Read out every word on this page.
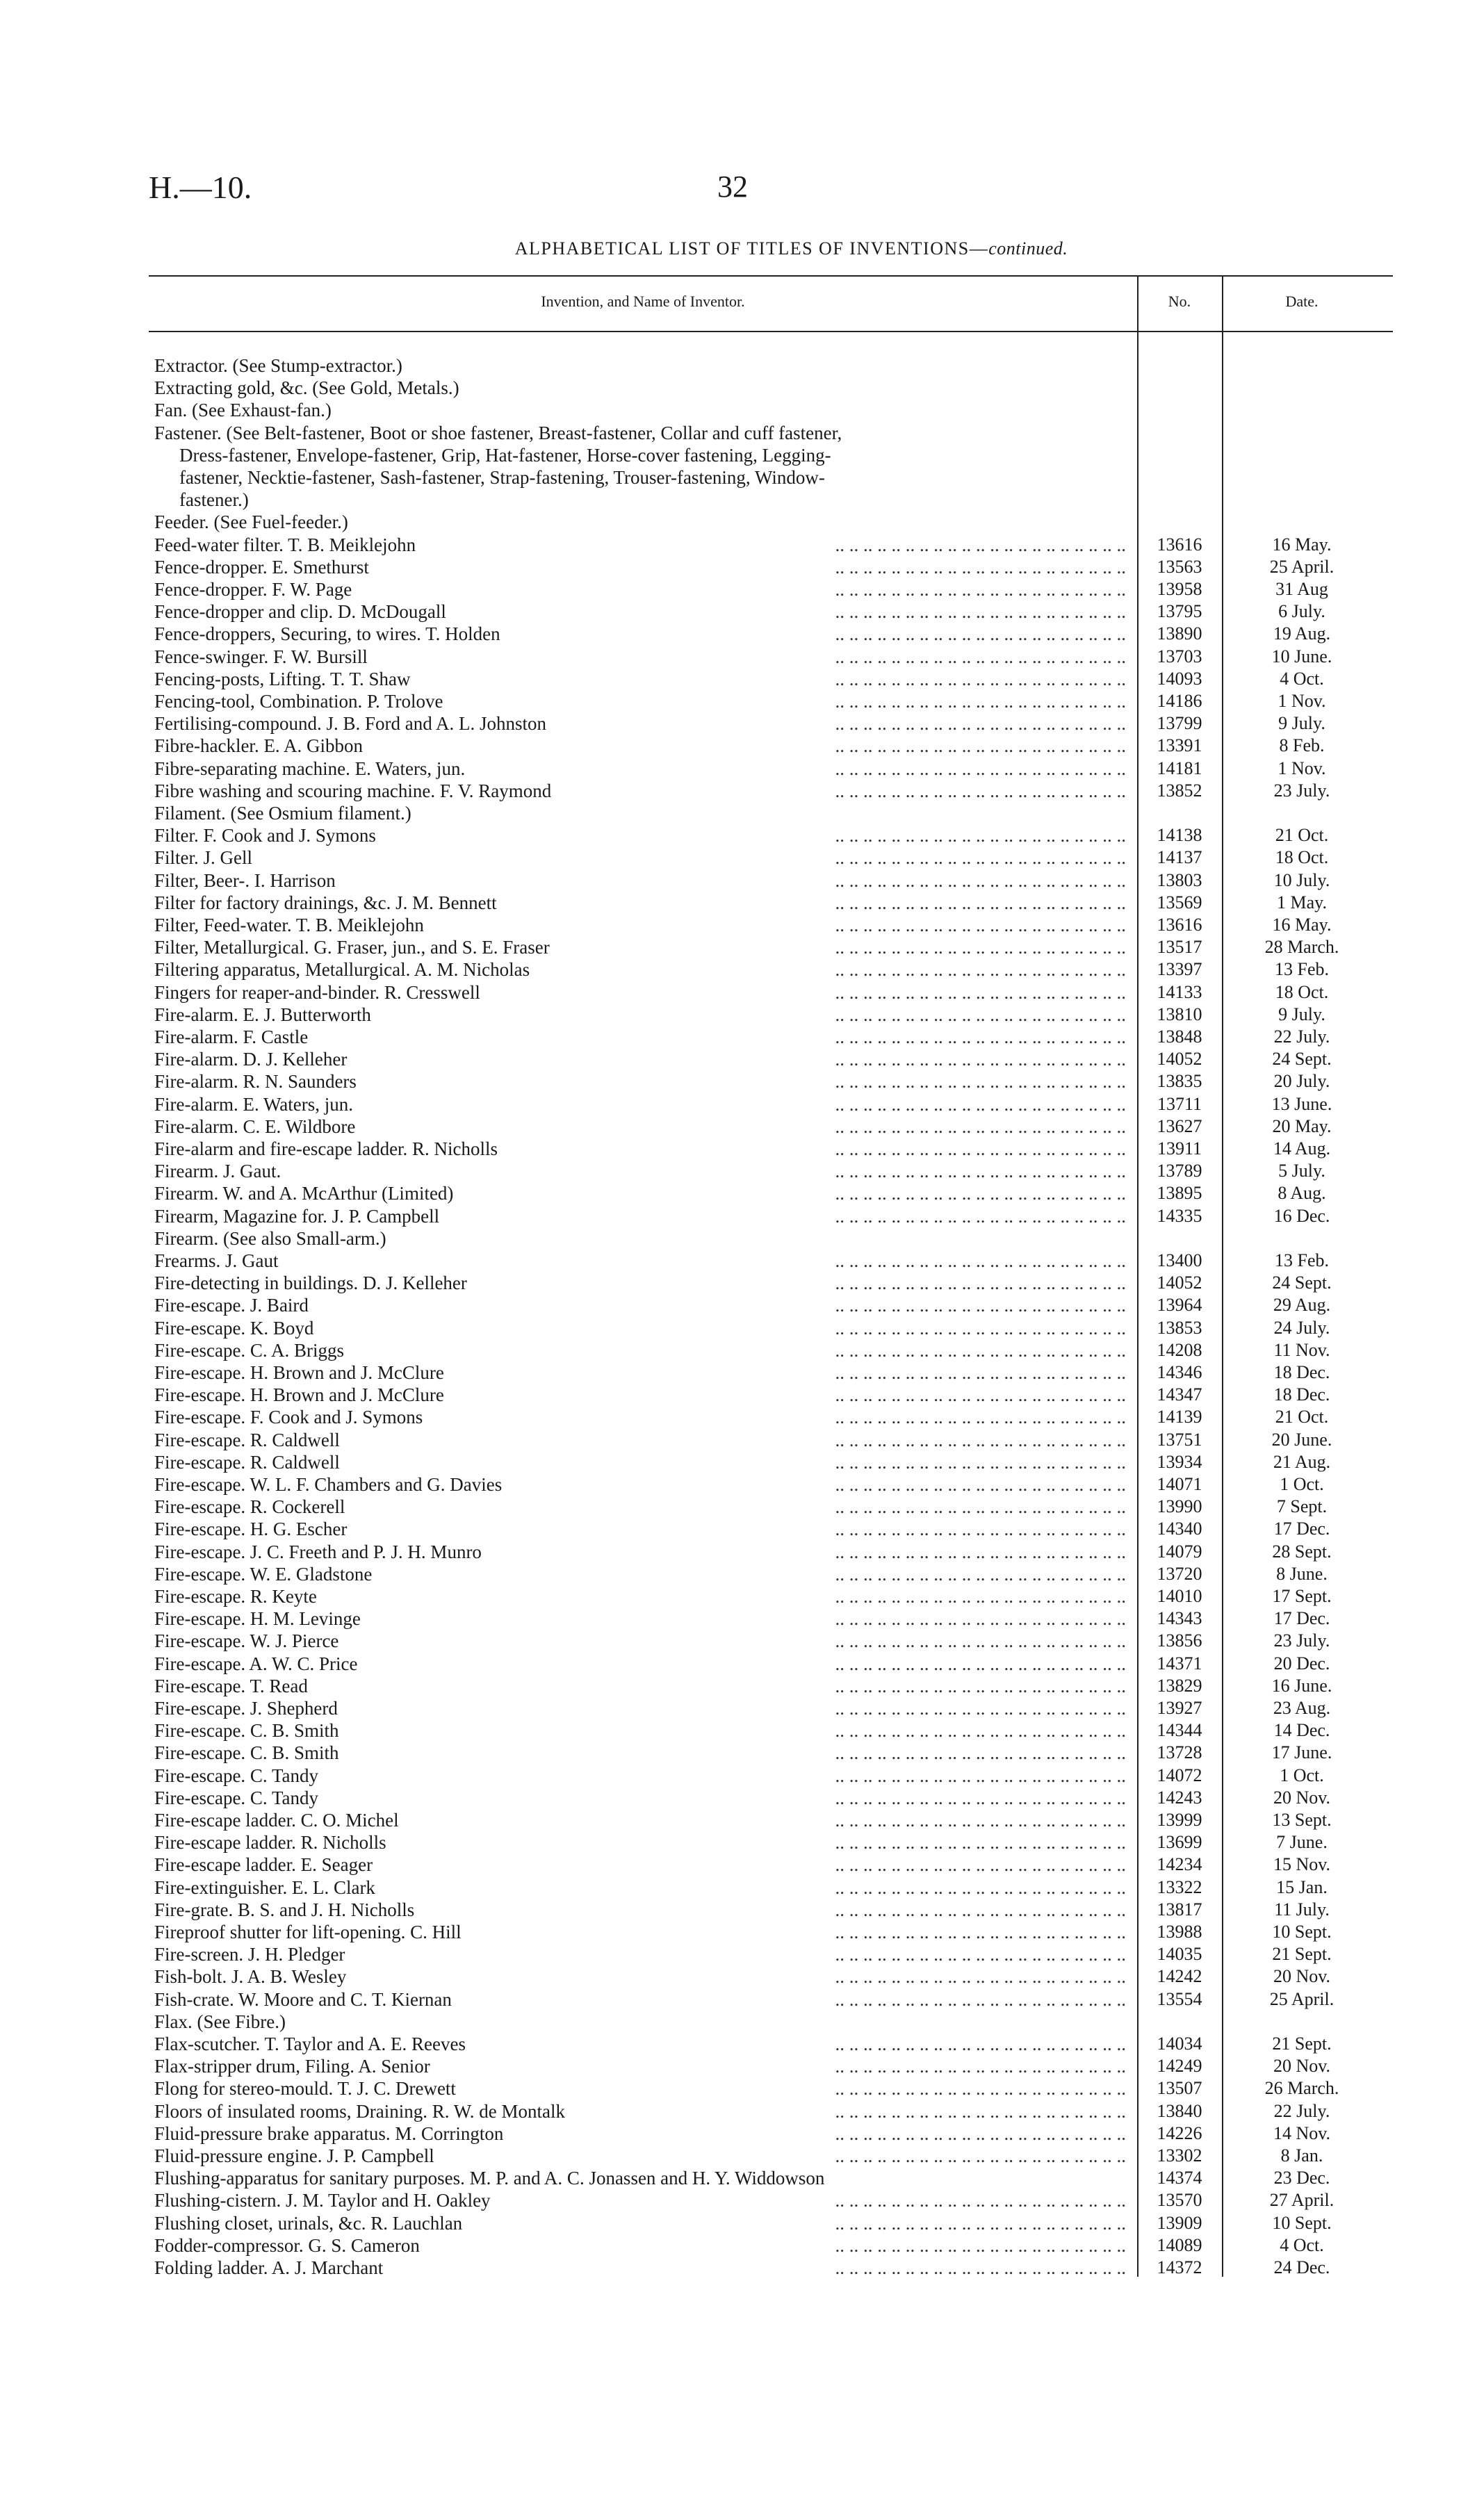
H.—10.	32
ALPHABETICAL LIST OF TITLES OF INVENTIONS—continued.
Invention, and Name of Inventor.	No.	Date.
Extractor. (See Stump-extractor.)
Extracting gold, &c. (See Gold, Metals.)
Fan. (See Exhaust-fan.)
Fastener. (See Belt-fastener, Boot or shoe fastener, Breast-fastener, Collar and cuff fastener,
Dress-fastener, Envelope-fastener, Grip, Hat-fastener, Horse-cover fastening, Legging-
fastener, Necktie-fastener, Sash-fastener, Strap-fastening, Trouser-fastening, Window-
fastener.)
Feeder. (See Fuel-feeder.)
Feed-water filter. T. B. Meiklejohn	13616	16 May.
.. .. .. .. .. .. .. .. .. .. .. .. .. .. .. .. .. .. .. .. ..
Fence-dropper. E. Smethurst	13563	25 April.
.. .. .. .. .. .. .. .. .. .. .. .. .. .. .. .. .. .. .. .. ..
Fence-dropper. F. W. Page	13958	31 Aug
.. .. .. .. .. .. .. .. .. .. .. .. .. .. .. .. .. .. .. .. ..
Fence-dropper and clip. D. McDougall	13795	6 July.
.. .. .. .. .. .. .. .. .. .. .. .. .. .. .. .. .. .. .. .. ..
Fence-droppers, Securing, to wires. T. Holden	13890	19 Aug.
.. .. .. .. .. .. .. .. .. .. .. .. .. .. .. .. .. .. .. .. ..
Fence-swinger. F. W. Bursill	13703	10 June.
.. .. .. .. .. .. .. .. .. .. .. .. .. .. .. .. .. .. .. .. ..
Fencing-posts, Lifting. T. T. Shaw	14093	4 Oct.
.. .. .. .. .. .. .. .. .. .. .. .. .. .. .. .. .. .. .. .. ..
Fencing-tool, Combination. P. Trolove	14186	1 Nov.
.. .. .. .. .. .. .. .. .. .. .. .. .. .. .. .. .. .. .. .. ..
Fertilising-compound. J. B. Ford and A. L. Johnston	13799	9 July.
.. .. .. .. .. .. .. .. .. .. .. .. .. .. .. .. .. .. .. .. ..
Fibre-hackler. E. A. Gibbon	13391	8 Feb.
.. .. .. .. .. .. .. .. .. .. .. .. .. .. .. .. .. .. .. .. ..
Fibre-separating machine. E. Waters, jun.	14181	1 Nov.
.. .. .. .. .. .. .. .. .. .. .. .. .. .. .. .. .. .. .. .. ..
Fibre washing and scouring machine. F. V. Raymond	13852	23 July.
.. .. .. .. .. .. .. .. .. .. .. .. .. .. .. .. .. .. .. .. ..
Filament. (See Osmium filament.)
Filter. F. Cook and J. Symons	14138	21 Oct.
.. .. .. .. .. .. .. .. .. .. .. .. .. .. .. .. .. .. .. .. ..
Filter. J. Gell	14137	18 Oct.
.. .. .. .. .. .. .. .. .. .. .. .. .. .. .. .. .. .. .. .. ..
Filter, Beer-. I. Harrison	13803	10 July.
.. .. .. .. .. .. .. .. .. .. .. .. .. .. .. .. .. .. .. .. ..
Filter for factory drainings, &c. J. M. Bennett	13569	1 May.
.. .. .. .. .. .. .. .. .. .. .. .. .. .. .. .. .. .. .. .. ..
Filter, Feed-water. T. B. Meiklejohn	13616	16 May.
.. .. .. .. .. .. .. .. .. .. .. .. .. .. .. .. .. .. .. .. ..
Filter, Metallurgical. G. Fraser, jun., and S. E. Fraser	13517	28 March.
.. .. .. .. .. .. .. .. .. .. .. .. .. .. .. .. .. .. .. .. ..
Filtering apparatus, Metallurgical. A. M. Nicholas	13397	13 Feb.
.. .. .. .. .. .. .. .. .. .. .. .. .. .. .. .. .. .. .. .. ..
Fingers for reaper-and-binder. R. Cresswell	14133	18 Oct.
.. .. .. .. .. .. .. .. .. .. .. .. .. .. .. .. .. .. .. .. ..
Fire-alarm. E. J. Butterworth	13810	9 July.
.. .. .. .. .. .. .. .. .. .. .. .. .. .. .. .. .. .. .. .. ..
Fire-alarm. F. Castle	13848	22 July.
.. .. .. .. .. .. .. .. .. .. .. .. .. .. .. .. .. .. .. .. ..
Fire-alarm. D. J. Kelleher	14052	24 Sept.
.. .. .. .. .. .. .. .. .. .. .. .. .. .. .. .. .. .. .. .. ..
Fire-alarm. R. N. Saunders	13835	20 July.
.. .. .. .. .. .. .. .. .. .. .. .. .. .. .. .. .. .. .. .. ..
Fire-alarm. E. Waters, jun.	13711	13 June.
.. .. .. .. .. .. .. .. .. .. .. .. .. .. .. .. .. .. .. .. ..
Fire-alarm. C. E. Wildbore	13627	20 May.
.. .. .. .. .. .. .. .. .. .. .. .. .. .. .. .. .. .. .. .. ..
Fire-alarm and fire-escape ladder. R. Nicholls	13911	14 Aug.
.. .. .. .. .. .. .. .. .. .. .. .. .. .. .. .. .. .. .. .. ..
Firearm. J. Gaut.	13789	5 July.
.. .. .. .. .. .. .. .. .. .. .. .. .. .. .. .. .. .. .. .. ..
Firearm. W. and A. McArthur (Limited)	13895	8 Aug.
.. .. .. .. .. .. .. .. .. .. .. .. .. .. .. .. .. .. .. .. ..
Firearm, Magazine for. J. P. Campbell	14335	16 Dec.
.. .. .. .. .. .. .. .. .. .. .. .. .. .. .. .. .. .. .. .. ..
Firearm. (See also Small-arm.)
Frearms. J. Gaut	13400	13 Feb.
.. .. .. .. .. .. .. .. .. .. .. .. .. .. .. .. .. .. .. .. ..
Fire-detecting in buildings. D. J. Kelleher	14052	24 Sept.
.. .. .. .. .. .. .. .. .. .. .. .. .. .. .. .. .. .. .. .. ..
Fire-escape. J. Baird	13964	29 Aug.
.. .. .. .. .. .. .. .. .. .. .. .. .. .. .. .. .. .. .. .. ..
Fire-escape. K. Boyd	13853	24 July.
.. .. .. .. .. .. .. .. .. .. .. .. .. .. .. .. .. .. .. .. ..
Fire-escape. C. A. Briggs	14208	11 Nov.
.. .. .. .. .. .. .. .. .. .. .. .. .. .. .. .. .. .. .. .. ..
Fire-escape. H. Brown and J. McClure	14346	18 Dec.
.. .. .. .. .. .. .. .. .. .. .. .. .. .. .. .. .. .. .. .. ..
Fire-escape. H. Brown and J. McClure	14347	18 Dec.
.. .. .. .. .. .. .. .. .. .. .. .. .. .. .. .. .. .. .. .. ..
Fire-escape. F. Cook and J. Symons	14139	21 Oct.
.. .. .. .. .. .. .. .. .. .. .. .. .. .. .. .. .. .. .. .. ..
Fire-escape. R. Caldwell	13751	20 June.
.. .. .. .. .. .. .. .. .. .. .. .. .. .. .. .. .. .. .. .. ..
Fire-escape. R. Caldwell	13934	21 Aug.
.. .. .. .. .. .. .. .. .. .. .. .. .. .. .. .. .. .. .. .. ..
Fire-escape. W. L. F. Chambers and G. Davies	14071	1 Oct.
.. .. .. .. .. .. .. .. .. .. .. .. .. .. .. .. .. .. .. .. ..
Fire-escape. R. Cockerell	13990	7 Sept.
.. .. .. .. .. .. .. .. .. .. .. .. .. .. .. .. .. .. .. .. ..
Fire-escape. H. G. Escher	14340	17 Dec.
.. .. .. .. .. .. .. .. .. .. .. .. .. .. .. .. .. .. .. .. ..
Fire-escape. J. C. Freeth and P. J. H. Munro	14079	28 Sept.
.. .. .. .. .. .. .. .. .. .. .. .. .. .. .. .. .. .. .. .. ..
Fire-escape. W. E. Gladstone	13720	8 June.
.. .. .. .. .. .. .. .. .. .. .. .. .. .. .. .. .. .. .. .. ..
Fire-escape. R. Keyte	14010	17 Sept.
.. .. .. .. .. .. .. .. .. .. .. .. .. .. .. .. .. .. .. .. ..
Fire-escape. H. M. Levinge	14343	17 Dec.
.. .. .. .. .. .. .. .. .. .. .. .. .. .. .. .. .. .. .. .. ..
Fire-escape. W. J. Pierce	13856	23 July.
.. .. .. .. .. .. .. .. .. .. .. .. .. .. .. .. .. .. .. .. ..
Fire-escape. A. W. C. Price	14371	20 Dec.
.. .. .. .. .. .. .. .. .. .. .. .. .. .. .. .. .. .. .. .. ..
Fire-escape. T. Read	13829	16 June.
.. .. .. .. .. .. .. .. .. .. .. .. .. .. .. .. .. .. .. .. ..
Fire-escape. J. Shepherd	13927	23 Aug.
.. .. .. .. .. .. .. .. .. .. .. .. .. .. .. .. .. .. .. .. ..
Fire-escape. C. B. Smith	14344	14 Dec.
.. .. .. .. .. .. .. .. .. .. .. .. .. .. .. .. .. .. .. .. ..
Fire-escape. C. B. Smith	13728	17 June.
.. .. .. .. .. .. .. .. .. .. .. .. .. .. .. .. .. .. .. .. ..
Fire-escape. C. Tandy	14072	1 Oct.
.. .. .. .. .. .. .. .. .. .. .. .. .. .. .. .. .. .. .. .. ..
Fire-escape. C. Tandy	14243	20 Nov.
.. .. .. .. .. .. .. .. .. .. .. .. .. .. .. .. .. .. .. .. ..
Fire-escape ladder. C. O. Michel	13999	13 Sept.
.. .. .. .. .. .. .. .. .. .. .. .. .. .. .. .. .. .. .. .. ..
Fire-escape ladder. R. Nicholls	13699	7 June.
.. .. .. .. .. .. .. .. .. .. .. .. .. .. .. .. .. .. .. .. ..
Fire-escape ladder. E. Seager	14234	15 Nov.
.. .. .. .. .. .. .. .. .. .. .. .. .. .. .. .. .. .. .. .. ..
Fire-extinguisher. E. L. Clark	13322	15 Jan.
.. .. .. .. .. .. .. .. .. .. .. .. .. .. .. .. .. .. .. .. ..
Fire-grate. B. S. and J. H. Nicholls	13817	11 July.
.. .. .. .. .. .. .. .. .. .. .. .. .. .. .. .. .. .. .. .. ..
Fireproof shutter for lift-opening. C. Hill	13988	10 Sept.
.. .. .. .. .. .. .. .. .. .. .. .. .. .. .. .. .. .. .. .. ..
Fire-screen. J. H. Pledger	14035	21 Sept.
.. .. .. .. .. .. .. .. .. .. .. .. .. .. .. .. .. .. .. .. ..
Fish-bolt. J. A. B. Wesley	14242	20 Nov.
.. .. .. .. .. .. .. .. .. .. .. .. .. .. .. .. .. .. .. .. ..
Fish-crate. W. Moore and C. T. Kiernan	13554	25 April.
.. .. .. .. .. .. .. .. .. .. .. .. .. .. .. .. .. .. .. .. ..
Flax. (See Fibre.)
Flax-scutcher. T. Taylor and A. E. Reeves	14034	21 Sept.
.. .. .. .. .. .. .. .. .. .. .. .. .. .. .. .. .. .. .. .. ..
Flax-stripper drum, Filing. A. Senior	14249	20 Nov.
.. .. .. .. .. .. .. .. .. .. .. .. .. .. .. .. .. .. .. .. ..
Flong for stereo-mould. T. J. C. Drewett	13507	26 March.
.. .. .. .. .. .. .. .. .. .. .. .. .. .. .. .. .. .. .. .. ..
Floors of insulated rooms, Draining. R. W. de Montalk	13840	22 July.
.. .. .. .. .. .. .. .. .. .. .. .. .. .. .. .. .. .. .. .. ..
Fluid-pressure brake apparatus. M. Corrington	14226	14 Nov.
.. .. .. .. .. .. .. .. .. .. .. .. .. .. .. .. .. .. .. .. ..
Fluid-pressure engine. J. P. Campbell	13302	8 Jan.
.. .. .. .. .. .. .. .. .. .. .. .. .. .. .. .. .. .. .. .. ..
Flushing-apparatus for sanitary purposes. M. P. and A. C. Jonassen and H. Y. Widdowson	14374	23 Dec.
Flushing-cistern. J. M. Taylor and H. Oakley	13570	27 April.
.. .. .. .. .. .. .. .. .. .. .. .. .. .. .. .. .. .. .. .. ..
Flushing closet, urinals, &c. R. Lauchlan	13909	10 Sept.
.. .. .. .. .. .. .. .. .. .. .. .. .. .. .. .. .. .. .. .. ..
Fodder-compressor. G. S. Cameron	14089	4 Oct.
.. .. .. .. .. .. .. .. .. .. .. .. .. .. .. .. .. .. .. .. ..
Folding ladder. A. J. Marchant	14372	24 Dec.
.. .. .. .. .. .. .. .. .. .. .. .. .. .. .. .. .. .. .. .. ..
